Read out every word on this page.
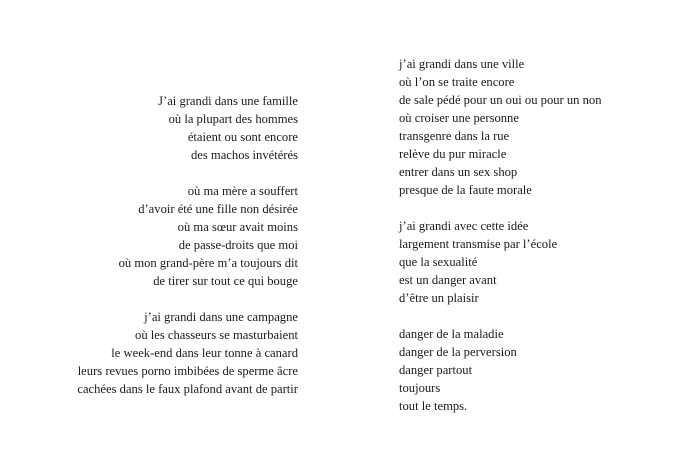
J’ai grandi dans une famille
où la plupart des hommes
étaient ou sont encore
des machos invétérés
où ma mère a souffert
d’avoir été une fille non désirée
où ma sœur avait moins
de passe-droits que moi
où mon grand-père m’a toujours dit
de tirer sur tout ce qui bouge
j’ai grandi dans une campagne
où les chasseurs se masturbaient
le week-end dans leur tonne à canard
leurs revues porno imbibées de sperme âcre
cachées dans le faux plafond avant de partir
j’ai grandi dans une ville
où l’on se traite encore
de sale pédé pour un oui ou pour un non
où croiser une personne
transgenre dans la rue
relève du pur miracle
entrer dans un sex shop
presque de la faute morale
j’ai grandi avec cette idée
largement transmise par l’école
que la sexualité
est un danger avant
d’être un plaisir
danger de la maladie
danger de la perversion
danger partout
toujours
tout le temps.
